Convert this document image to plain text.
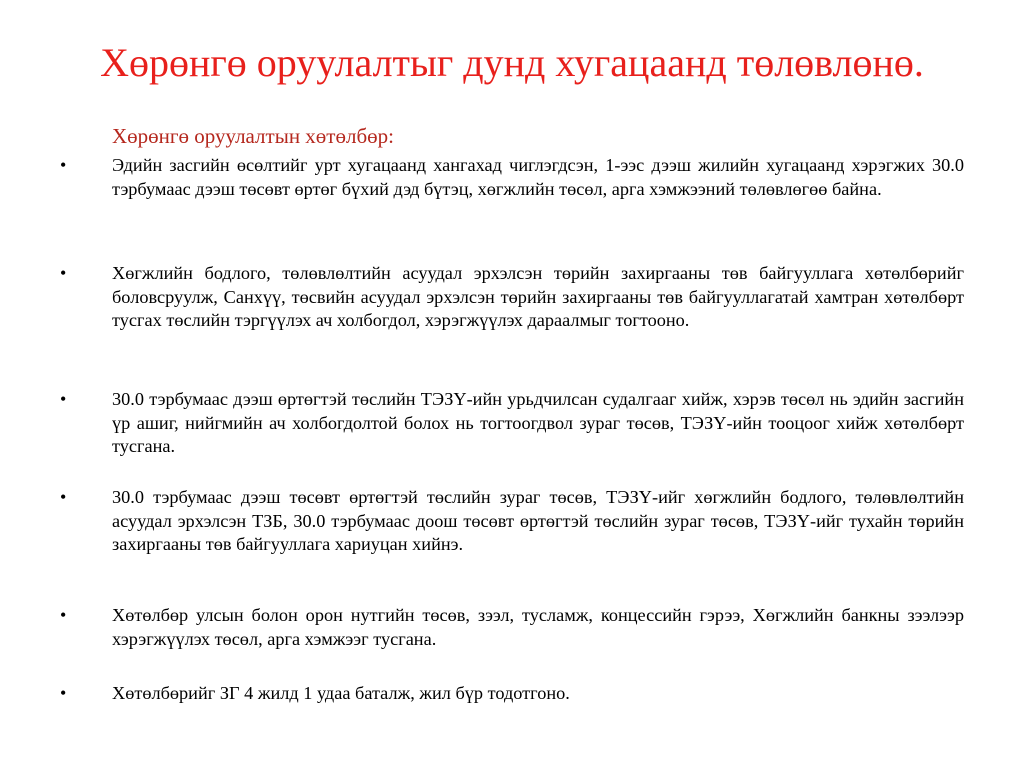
Хөрөнгө оруулалтыг дунд хугацаанд төлөвлөнө.
Хөрөнгө оруулалтын хөтөлбөр:
• Эдийн засгийн өсөлтийг урт хугацаанд хангахад чиглэгдсэн, 1-ээс дээш жилийн хугацаанд хэрэгжих 30.0 тэрбумаас дээш төсөвт өртөг бүхий дэд бүтэц, хөгжлийн төсөл, арга хэмжээний төлөвлөгөө байна.
• Хөгжлийн бодлого, төлөвлөлтийн асуудал эрхэлсэн төрийн захиргааны төв байгууллага хөтөлбөрийг боловсруулж, Санхүү, төсвийн асуудал эрхэлсэн төрийн захиргааны төв байгууллагатай хамтран хөтөлбөрт тусгах төслийн тэргүүлэх ач холбогдол, хэрэгжүүлэх дараалмыг тогтооно.
• 30.0 тэрбумаас дээш өртөгтэй төслийн ТЭЗҮ-ийн урьдчилсан судалгааг хийж, хэрэв төсөл нь эдийн засгийн үр ашиг, нийгмийн ач холбогдолтой болох нь тогтоогдвол зураг төсөв, ТЭЗҮ-ийн тооцоог хийж хөтөлбөрт тусгана.
• 30.0 тэрбумаас дээш төсөвт өртөгтэй төслийн зураг төсөв, ТЭЗҮ-ийг хөгжлийн бодлого, төлөвлөлтийн асуудал эрхэлсэн ТЗБ, 30.0 тэрбумаас доош төсөвт өртөгтэй төслийн зураг төсөв, ТЭЗҮ-ийг тухайн төрийн захиргааны төв байгууллага хариуцан хийнэ.
• Хөтөлбөр улсын болон орон нутгийн төсөв, зээл, тусламж, концессийн гэрээ, Хөгжлийн банкны зээлээр хэрэгжүүлэх төсөл, арга хэмжээг тусгана.
• Хөтөлбөрийг ЗГ 4 жилд 1 удаа баталж, жил бүр тодотгоно.
